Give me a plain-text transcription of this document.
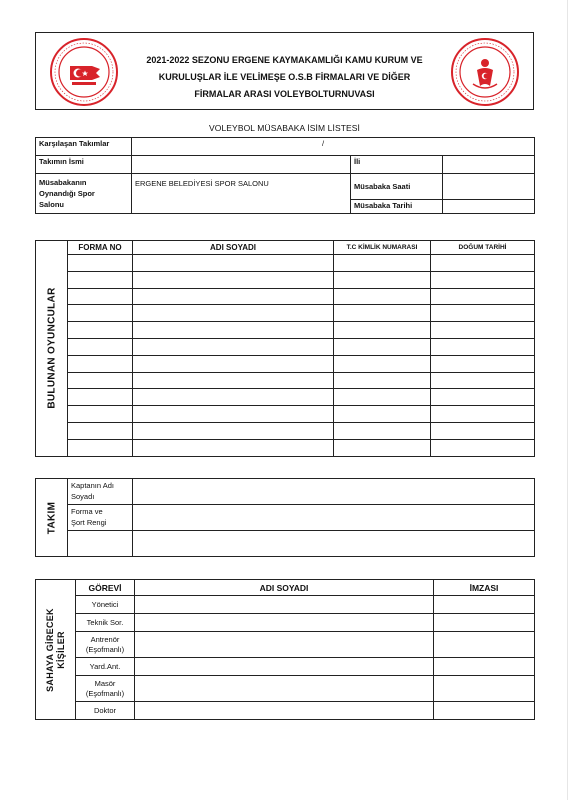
2021-2022 SEZONU ERGENE KAYMAKAMLIĞI KAMU KURUM VE
KURULUŞLAR İLE VELİMEŞE O.S.B FİRMALARI VE DİĞER
FİRMALAR ARASI VOLEYBOLTURNUVASI
VOLEYBOL MÜSABAKA İSİM LİSTESİ
Karşılaşan Takımlar	/		
Takımın İsmi		İli	

Müsabakanın
Oynandığı Spor
Salonu	ERGENE BELEDİYESİ SPOR SALONU	Müsabaka Saati	
		Müsabaka Tarihi	
BULUNAN OYUNCULAR	FORMA NO	ADI SOYADI	T.C KİMLİK NUMARASI	DOĞUM TARİHİ

TAKIM	Kaptanın Adı
Soyadı	

	Forma ve
Şort Rengi	

SAHAYA GİRECEK KİŞİLER	GÖREVİ	ADI SOYADI	İMZASI
	Yönetici		
	Teknik Sor.		

	Antrenör
(Eşofmanlı)		

	Yard.Ant.		

	Masör
(Eşofmanlı)		

	Doktor		
